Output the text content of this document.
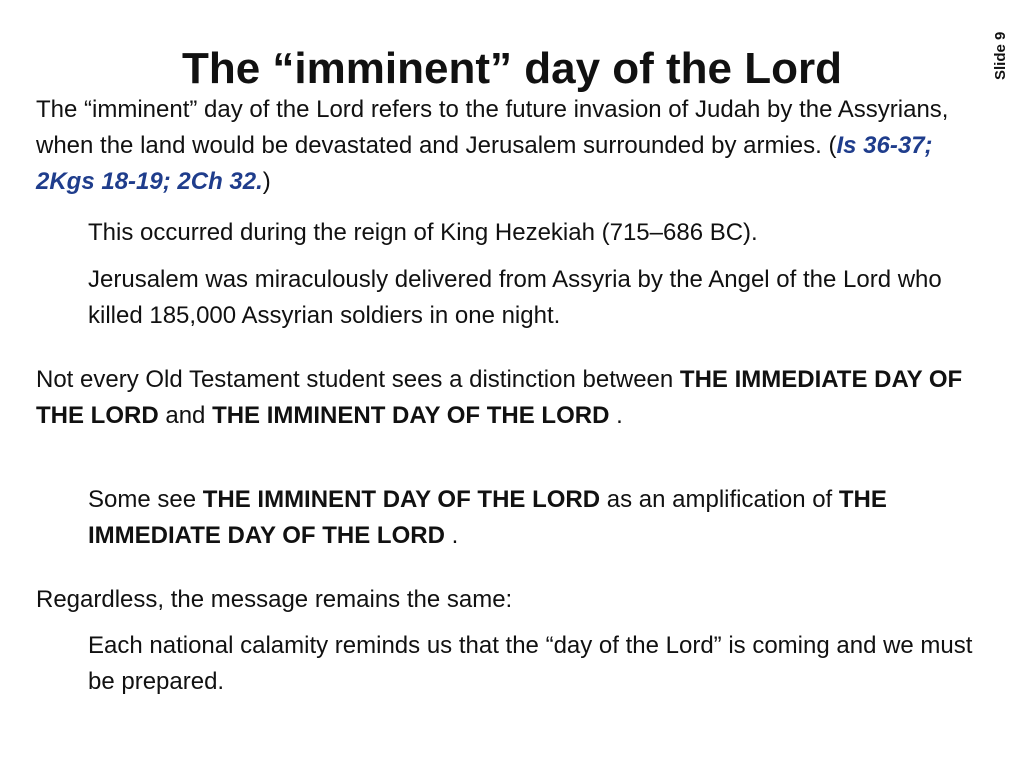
The “imminent” day of the Lord	Slide 9

The “imminent” day of the Lord refers to the future invasion of Judah by the Assyrians, when the land would be devastated and Jerusalem surrounded by armies. (Is 36-37; 2Kgs 18-19; 2Ch 32.)

This occurred during the reign of King Hezekiah (715–686 BC).

Jerusalem was miraculously delivered from Assyria by the Angel of the Lord who killed 185,000 Assyrian soldiers in one night.

Not every Old Testament student sees a distinction between THE IMMEDIATE DAY OF THE LORD and THE IMMINENT DAY OF THE LORD .

Some see THE IMMINENT DAY OF THE LORD as an amplification of THE IMMEDIATE DAY OF THE LORD .

Regardless, the message remains the same:

Each national calamity reminds us that the “day of the Lord” is coming and we must be prepared.
